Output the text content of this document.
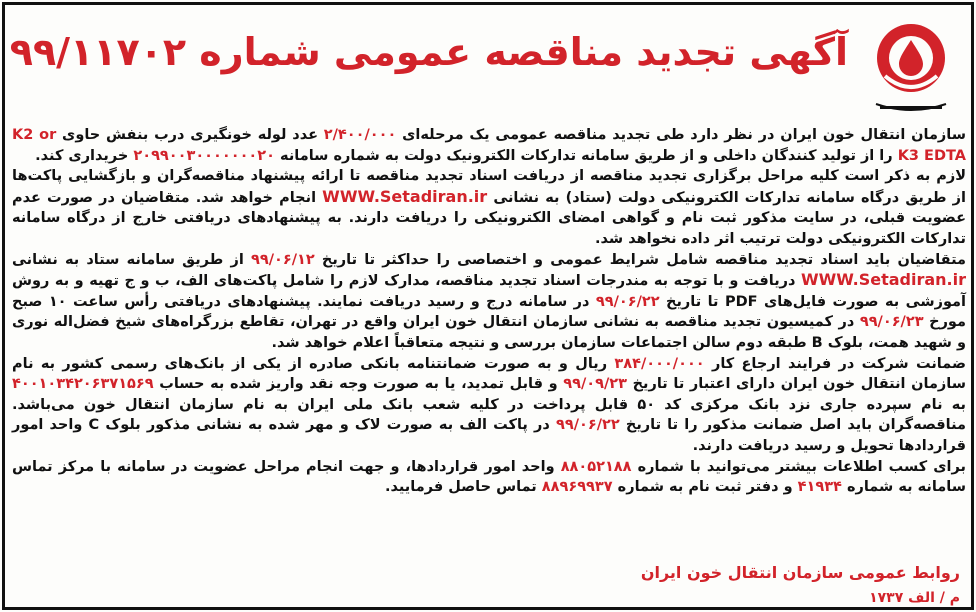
آگهی تجدید مناقصه عمومی شماره ۹۹/۱۱۷۰۲

سازمان انتقال خون ایران در نظر دارد طی تجدید مناقصه عمومی یک مرحله‌ای ۲/۴۰۰/۰۰۰ عدد لوله خونگیری درب بنفش حاوی K2 or K3 EDTA را از تولید کنندگان داخلی و از طریق سامانه تدارکات الکترونیک دولت به شماره سامانه ۲۰۹۹۰۰۳۰۰۰۰۰۰۰۲۰ خریداری کند.

لازم به ذکر است کلیه مراحل برگزاری تجدید مناقصه از دریافت اسناد تجدید مناقصه تا ارائه پیشنهاد مناقصه‌گران و بازگشایی پاکت‌ها از طریق درگاه سامانه تدارکات الکترونیکی دولت (ستاد) به نشانی WWW.Setadiran.ir انجام خواهد شد. متقاضیان در صورت عدم عضویت قبلی، در سایت مذکور ثبت نام و گواهی امضای الکترونیکی را دریافت دارند. به پیشنهادهای دریافتی خارج از درگاه سامانه تدارکات الکترونیکی دولت ترتیب اثر داده نخواهد شد.

متقاضیان باید اسناد تجدید مناقصه شامل شرایط عمومی و اختصاصی را حداکثر تا تاریخ ۹۹/۰۶/۱۲ از طریق سامانه ستاد به نشانی WWW.Setadiran.ir دریافت و با توجه به مندرجات اسناد تجدید مناقصه، مدارک لازم را شامل پاکت‌های الف، ب و ج تهیه و به روش آموزشی به صورت فایل‌های PDF تا تاریخ ۹۹/۰۶/۲۲ در سامانه درج و رسید دریافت نمایند. پیشنهادهای دریافتی رأس ساعت ۱۰ صبح مورخ ۹۹/۰۶/۲۳ در کمیسیون تجدید مناقصه به نشانی سازمان انتقال خون ایران واقع در تهران، تقاطع بزرگراه‌های شیخ فضل‌اله نوری و شهید همت، بلوک B طبقه دوم سالن اجتماعات سازمان بررسی و نتیجه متعاقباً اعلام خواهد شد.

ضمانت شرکت در فرایند ارجاع کار ۳۸۴/۰۰۰/۰۰۰ ریال و به صورت ضمانتنامه بانکی صادره از یکی از بانک‌های رسمی کشور به نام سازمان انتقال خون ایران دارای اعتبار تا تاریخ ۹۹/۰۹/۲۳ و قابل تمدید، یا به صورت وجه نقد واریز شده به حساب ۴۰۰۱۰۳۴۲۰۶۳۷۱۵۶۹ به نام سپرده جاری نزد بانک مرکزی کد ۵۰ قابل پرداخت در کلیه شعب بانک ملی ایران به نام سازمان انتقال خون می‌باشد. مناقصه‌گران باید اصل ضمانت مذکور را تا تاریخ ۹۹/۰۶/۲۲ در پاکت الف به صورت لاک و مهر شده به نشانی مذکور بلوک C واحد امور قراردادها تحویل و رسید دریافت دارند.

برای کسب اطلاعات بیشتر می‌توانید با شماره ۸۸۰۵۲۱۸۸ واحد امور قراردادها، و جهت انجام مراحل عضویت در سامانه با مرکز تماس سامانه به شماره ۴۱۹۳۴ و دفتر ثبت نام به شماره ۸۸۹۶۹۹۳۷ تماس حاصل فرمایید.

روابط عمومی سازمان انتقال خون ایران
م / الف ۱۷۳۷
